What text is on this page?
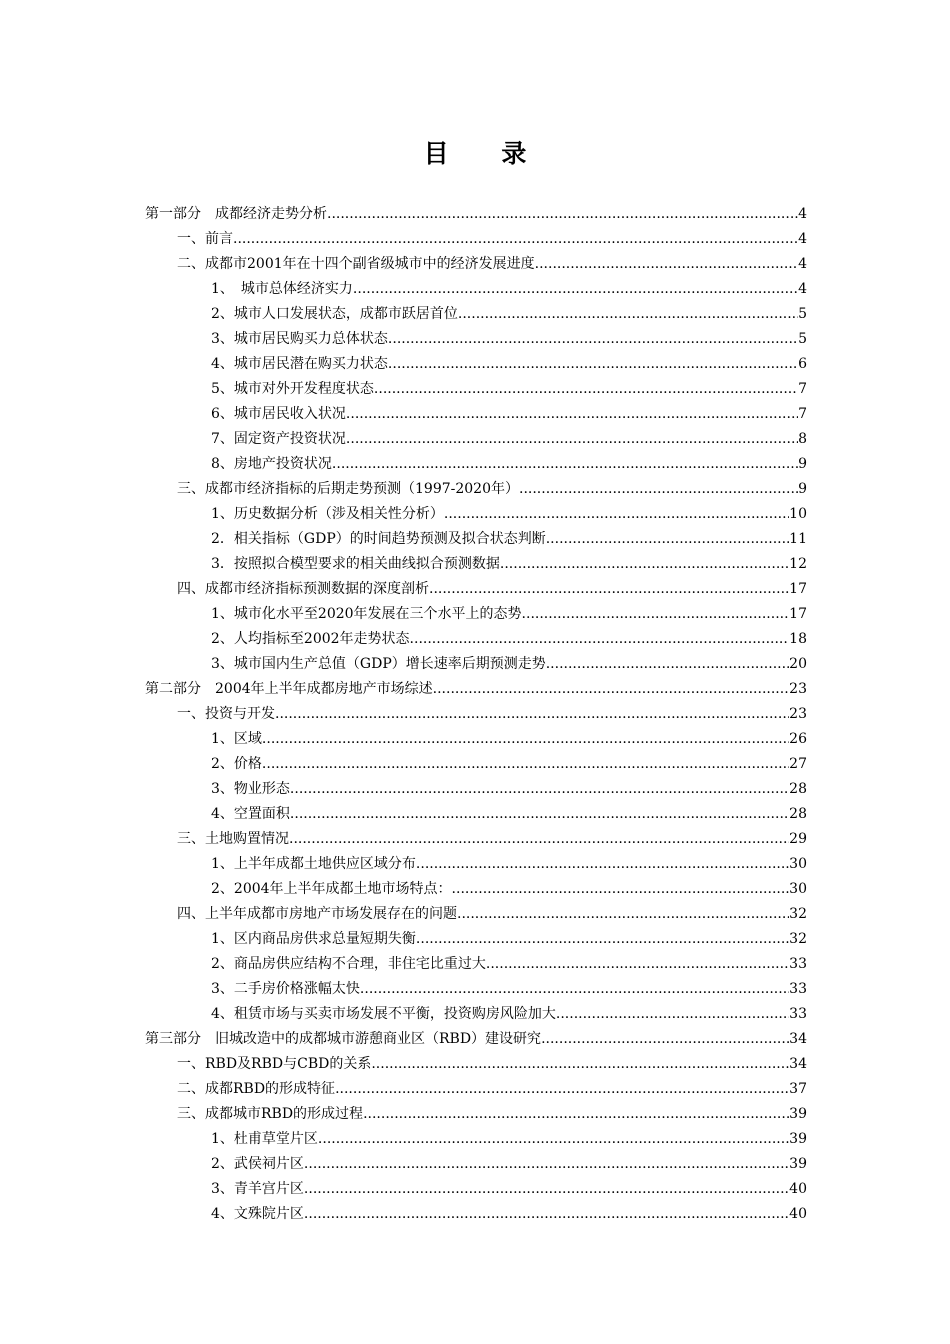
目 录
第一部分　成都经济走势分析 .....	4
一、前言 .....	4
二、成都市2001年在十四个副省级城市中的经济发展进度 .....	4
1、　城市总体经济实力 .....	4
2、城市人口发展状态，成都市跃居首位 .....	5
3、城市居民购买力总体状态 .....	5
4、城市居民潜在购买力状态 .....	6
5、城市对外开发程度状态 .....	7
6、城市居民收入状况 .....	7
7、固定资产投资状况 .....	8
8、房地产投资状况 .....	9
三、成都市经济指标的后期走势预测（1997-2020年） .....	9
1、历史数据分析（涉及相关性分析） .....	10
2．相关指标（GDP）的时间趋势预测及拟合状态判断 .....	11
3．按照拟合模型要求的相关曲线拟合预测数据 .....	12
四、成都市经济指标预测数据的深度剖析 .....	17
1、城市化水平至2020年发展在三个水平上的态势 .....	17
2、人均指标至2002年走势状态 .....	18
3、城市国内生产总值（GDP）增长速率后期预测走势 .....	20
第二部分　2004年上半年成都房地产市场综述 .....	23
一、投资与开发 .....	23
1、区域 .....	26
2、价格 .....	27
3、物业形态 .....	28
4、空置面积 .....	28
三、土地购置情况 .....	29
1、上半年成都土地供应区域分布 .....	30
2、2004年上半年成都土地市场特点： .....	30
四、上半年成都市房地产市场发展存在的问题 .....	32
1、区内商品房供求总量短期失衡 .....	32
2、商品房供应结构不合理，非住宅比重过大 .....	33
3、二手房价格涨幅太快 .....	33
4、租赁市场与买卖市场发展不平衡，投资购房风险加大 .....	33
第三部分　旧城改造中的成都城市游憩商业区（RBD）建设研究 .....	34
一、RBD及RBD与CBD的关系 .....	34
二、成都RBD的形成特征 .....	37
三、成都城市RBD的形成过程 .....	39
1、杜甫草堂片区 .....	39
2、武侯祠片区 .....	39
3、青羊宫片区 .....	40
4、文殊院片区 .....	40
